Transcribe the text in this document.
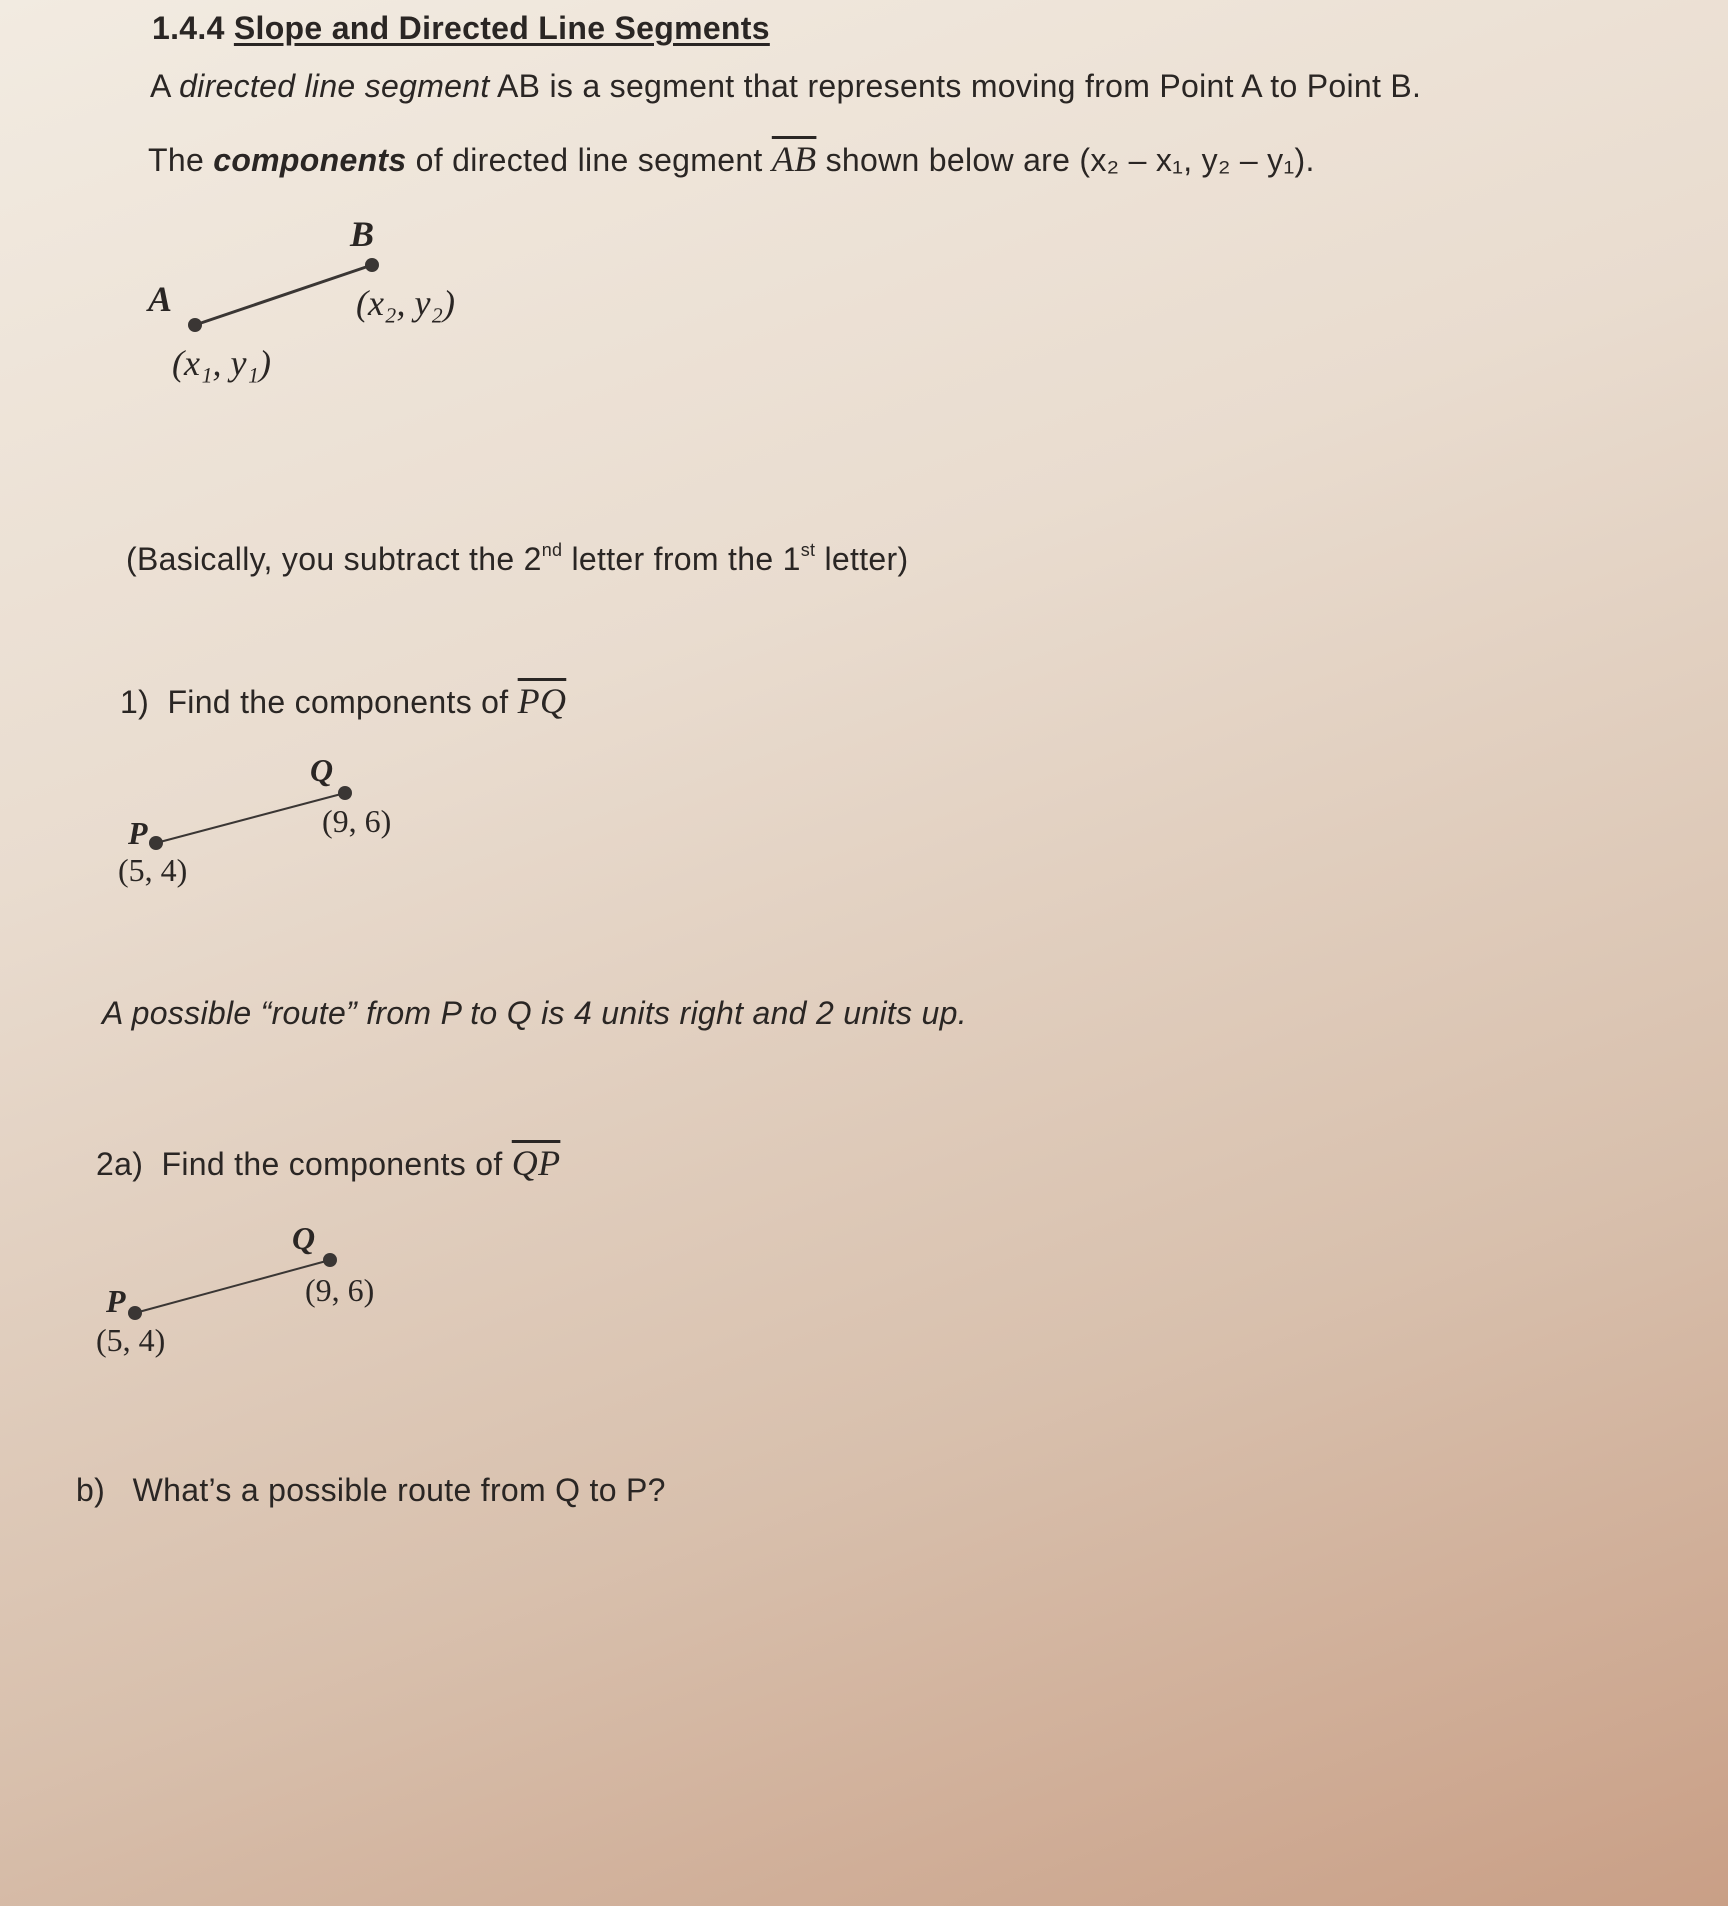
1.4.4 Slope and Directed Line Segments
A directed line segment AB is a segment that represents moving from Point A to Point B.
The components of directed line segment $\overline{AB}$ shown below are (x₂ – x₁, y₂ – y₁).
A
B
(x₁, y₁)
(x₂, y₂)
(Basically, you subtract the 2nd letter from the 1st letter)
1) Find the components of $\overline{PQ}$
P
Q
(5, 4)
(9, 6)
A possible “route” from P to Q is 4 units right and 2 units up.
2a) Find the components of $\overline{QP}$
P
Q
(5, 4)
(9, 6)
b) What’s a possible route from Q to P?
